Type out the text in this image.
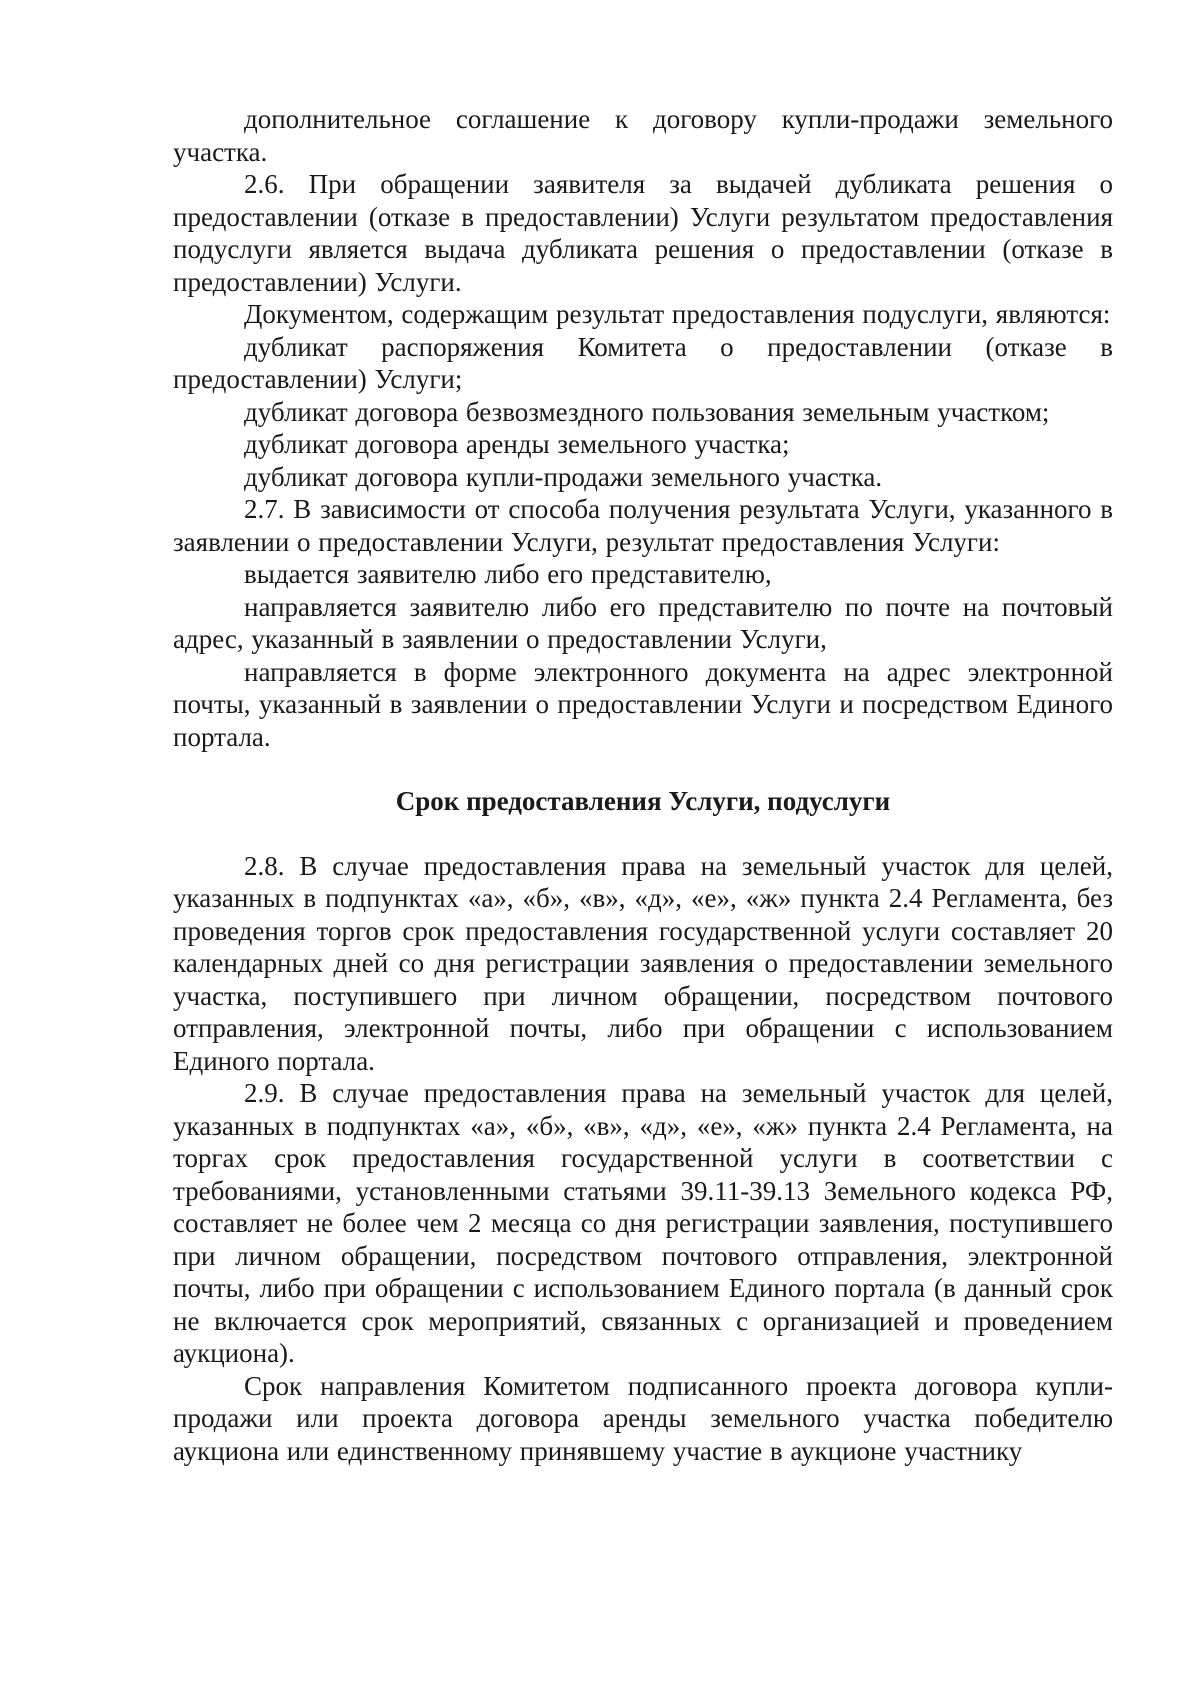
дополнительное соглашение к договору купли-продажи земельного участка.

2.6. При обращении заявителя за выдачей дубликата решения о предоставлении (отказе в предоставлении) Услуги результатом предоставления подуслуги является выдача дубликата решения о предоставлении (отказе в предоставлении) Услуги.

Документом, содержащим результат предоставления подуслуги, являются:

дубликат распоряжения Комитета о предоставлении (отказе в предоставлении) Услуги;

дубликат договора безвозмездного пользования земельным участком;

дубликат договора аренды земельного участка;

дубликат договора купли-продажи земельного участка.

2.7. В зависимости от способа получения результата Услуги, указанного в заявлении о предоставлении Услуги, результат предоставления Услуги:

выдается заявителю либо его представителю,

направляется заявителю либо его представителю по почте на почтовый адрес, указанный в заявлении о предоставлении Услуги,

направляется в форме электронного документа на адрес электронной почты, указанный в заявлении о предоставлении Услуги и посредством Единого портала.

Срок предоставления Услуги, подуслуги

2.8. В случае предоставления права на земельный участок для целей, указанных в подпунктах «а», «б», «в», «д», «е», «ж» пункта 2.4 Регламента, без проведения торгов срок предоставления государственной услуги составляет 20 календарных дней со дня регистрации заявления о предоставлении земельного участка, поступившего при личном обращении, посредством почтового отправления, электронной почты, либо при обращении с использованием Единого портала.

2.9. В случае предоставления права на земельный участок для целей, указанных в подпунктах «а», «б», «в», «д», «е», «ж» пункта 2.4 Регламента, на торгах срок предоставления государственной услуги в соответствии с требованиями, установленными статьями 39.11-39.13 Земельного кодекса РФ, составляет не более чем 2 месяца со дня регистрации заявления, поступившего при личном обращении, посредством почтового отправления, электронной почты, либо при обращении с использованием Единого портала (в данный срок не включается срок мероприятий, связанных с организацией и проведением аукциона).

Срок направления Комитетом подписанного проекта договора купли-продажи или проекта договора аренды земельного участка победителю аукциона или единственному принявшему участие в аукционе участнику
